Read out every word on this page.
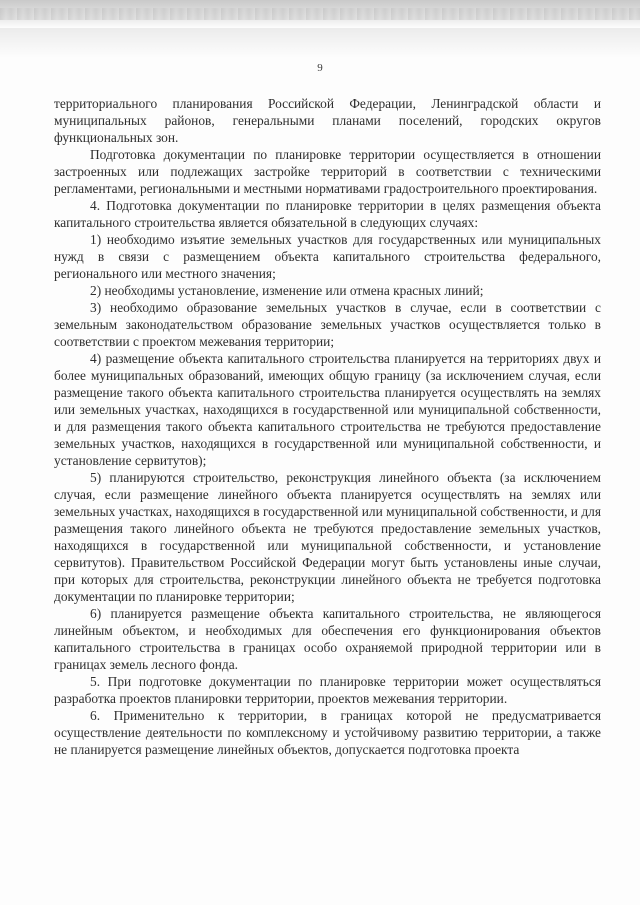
9

территориального планирования Российской Федерации, Ленинградской области и муниципальных районов, генеральными планами поселений, городских округов функциональных зон.

Подготовка документации по планировке территории осуществляется в отношении застроенных или подлежащих застройке территорий в соответствии с техническими регламентами, региональными и местными нормативами градостроительного проектирования.

4. Подготовка документации по планировке территории в целях размещения объекта капитального строительства является обязательной в следующих случаях:

1) необходимо изъятие земельных участков для государственных или муниципальных нужд в связи с размещением объекта капитального строительства федерального, регионального или местного значения;

2) необходимы установление, изменение или отмена красных линий;

3) необходимо образование земельных участков в случае, если в соответствии с земельным законодательством образование земельных участков осуществляется только в соответствии с проектом межевания территории;

4) размещение объекта капитального строительства планируется на территориях двух и более муниципальных образований, имеющих общую границу (за исключением случая, если размещение такого объекта капитального строительства планируется осуществлять на землях или земельных участках, находящихся в государственной или муниципальной собственности, и для размещения такого объекта капитального строительства не требуются предоставление земельных участков, находящихся в государственной или муниципальной собственности, и установление сервитутов);

5) планируются строительство, реконструкция линейного объекта (за исключением случая, если размещение линейного объекта планируется осуществлять на землях или земельных участках, находящихся в государственной или муниципальной собственности, и для размещения такого линейного объекта не требуются предоставление земельных участков, находящихся в государственной или муниципальной собственности, и установление сервитутов). Правительством Российской Федерации могут быть установлены иные случаи, при которых для строительства, реконструкции линейного объекта не требуется подготовка документации по планировке территории;

6) планируется размещение объекта капитального строительства, не являющегося линейным объектом, и необходимых для обеспечения его функционирования объектов капитального строительства в границах особо охраняемой природной территории или в границах земель лесного фонда.

5. При подготовке документации по планировке территории может осуществляться разработка проектов планировки территории, проектов межевания территории.

6. Применительно к территории, в границах которой не предусматривается осуществление деятельности по комплексному и устойчивому развитию территории, а также не планируется размещение линейных объектов, допускается подготовка проекта
